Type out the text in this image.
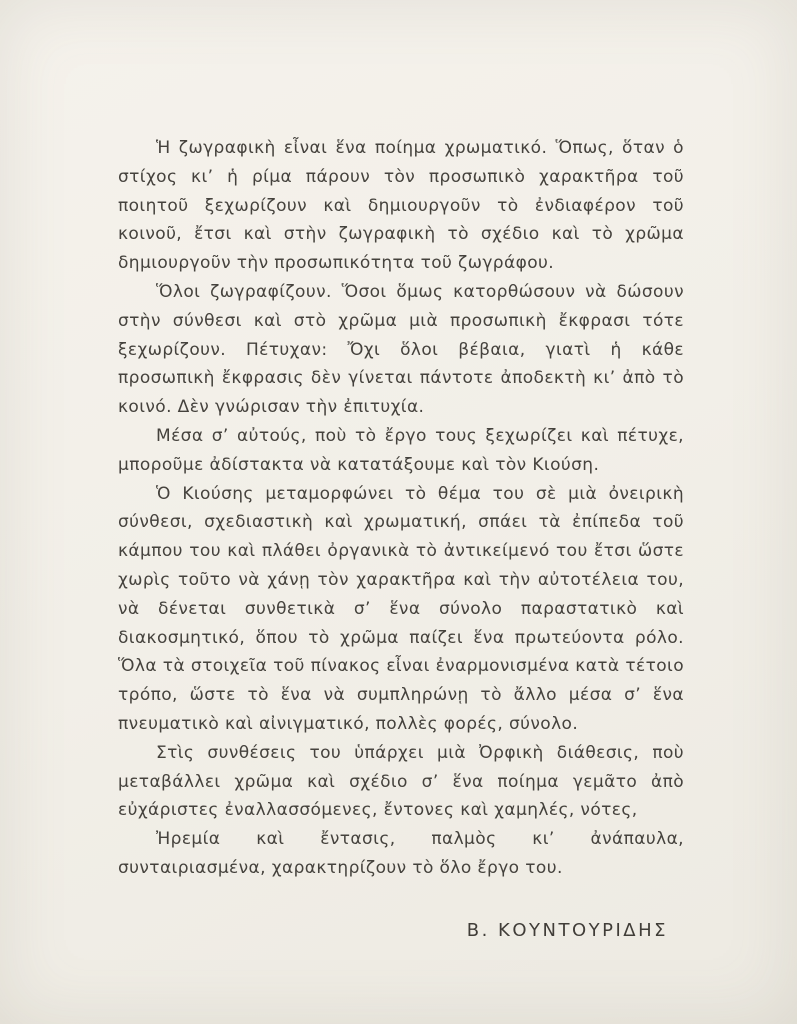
Ἡ ζωγραφικὴ εἶναι ἕνα ποίημα χρωματικό. Ὅπως, ὅταν ὁ στίχος κι’ ἡ ρίμα πάρουν τὸν προσωπικὸ χαρακτῆρα τοῦ ποιητοῦ ξεχωρίζουν καὶ δημιουργοῦν τὸ ἐνδιαφέρον τοῦ κοινοῦ, ἔτσι καὶ στὴν ζωγραφικὴ τὸ σχέδιο καὶ τὸ χρῶμα δημιουργοῦν τὴν προσωπικότητα τοῦ ζωγράφου.

Ὅλοι ζωγραφίζουν. Ὅσοι ὅμως κατορθώσουν νὰ δώσουν στὴν σύνθεσι καὶ στὸ χρῶμα μιὰ προσωπικὴ ἔκφρασι τότε ξεχωρίζουν. Πέτυχαν: Ὄχι ὅλοι βέβαια, γιατὶ ἡ κάθε προσωπικὴ ἔκφρασις δὲν γίνεται πάντοτε ἀποδεκτὴ κι’ ἀπὸ τὸ κοινό. Δὲν γνώρισαν τὴν ἐπιτυχία.

Μέσα σ’ αὐτούς, ποὺ τὸ ἔργο τους ξεχωρίζει καὶ πέτυχε, μποροῦμε ἀδίστακτα νὰ κατατάξουμε καὶ τὸν Κιούση.

Ὁ Κιούσης μεταμορφώνει τὸ θέμα του σὲ μιὰ ὀνειρικὴ σύνθεσι, σχεδιαστικὴ καὶ χρωματική, σπάει τὰ ἐπίπεδα τοῦ κάμπου του καὶ πλάθει ὀργανικὰ τὸ ἀντικείμενό του ἔτσι ὥστε χωρὶς τοῦτο νὰ χάνῃ τὸν χαρακτῆρα καὶ τὴν αὐτοτέλεια του, νὰ δένεται συνθετικὰ σ’ ἕνα σύνολο παραστατικὸ καὶ διακοσμητικό, ὅπου τὸ χρῶμα παίζει ἕνα πρωτεύοντα ρόλο. Ὅλα τὰ στοιχεῖα τοῦ πίνακος εἶναι ἐναρμονισμένα κατὰ τέτοιο τρόπο, ὥστε τὸ ἕνα νὰ συμπληρώνῃ τὸ ἄλλο μέσα σ’ ἕνα πνευματικὸ καὶ αἰνιγματικό, πολλὲς φορές, σύνολο.

Στὶς συνθέσεις του ὑπάρχει μιὰ Ὀρφικὴ διάθεσις, ποὺ μεταβάλλει χρῶμα καὶ σχέδιο σ’ ἕνα ποίημα γεμᾶτο ἀπὸ εὐχάριστες ἐναλλασσόμενες, ἔντονες καὶ χαμηλές, νότες,

Ἠρεμία καὶ ἔντασις, παλμὸς κι’ ἀνάπαυλα, συνταιριασμένα, χαρακτηρίζουν τὸ ὅλο ἔργο του.

Β. ΚΟΥΝΤΟΥΡΙΔΗΣ
